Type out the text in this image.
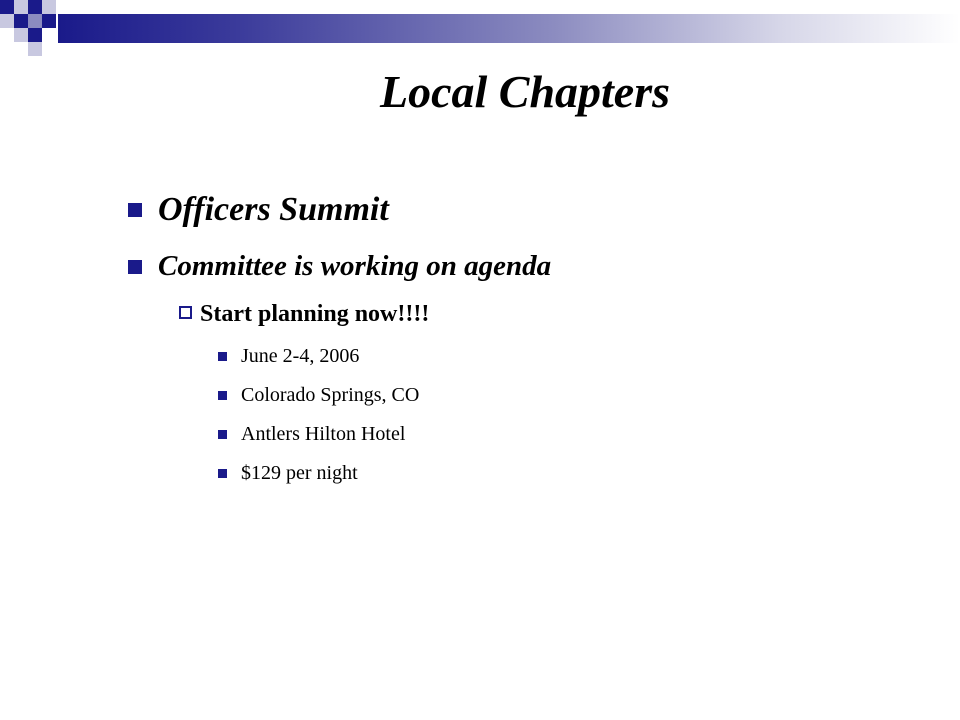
Local Chapters
Officers Summit
Committee is working on agenda
Start planning now!!!!
June 2-4, 2006
Colorado Springs, CO
Antlers Hilton Hotel
$129 per night
